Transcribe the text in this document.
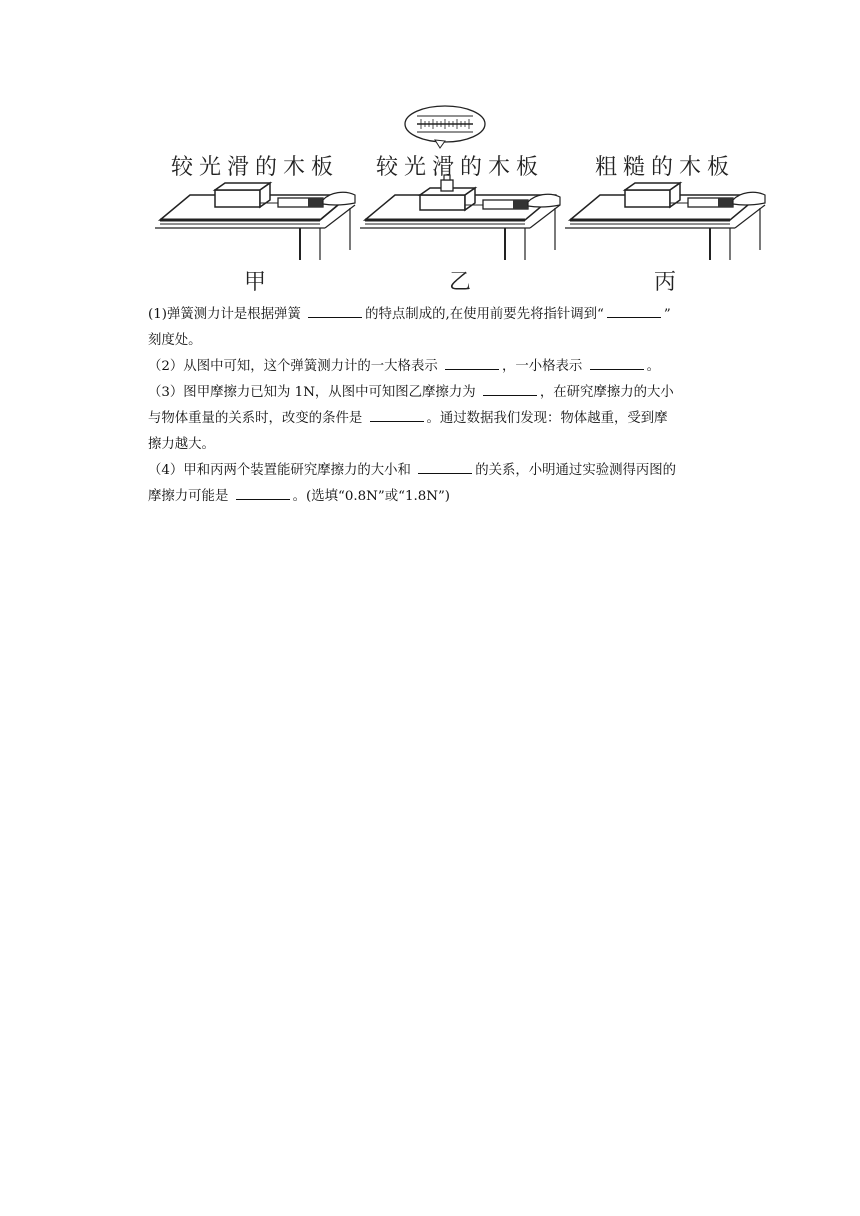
较光滑的木板
甲
较光滑的木板
乙
粗糙的木板
丙

(1)弹簧测力计是根据弹簧	的特点制成的,在使用前要先将指针调到“	”
刻度处。

（2）从图中可知，这个弹簧测力计的一大格表示	，一小格表示	。

（3）图甲摩擦力已知为 1N，从图中可知图乙摩擦力为	，在研究摩擦力的大小
与物体重量的关系时，改变的条件是	。通过数据我们发现：物体越重，受到摩
擦力越大。

（4）甲和丙两个装置能研究摩擦力的大小和	的关系，小明通过实验测得丙图的
摩擦力可能是	。(选填“0.8N”或“1.8N”)
